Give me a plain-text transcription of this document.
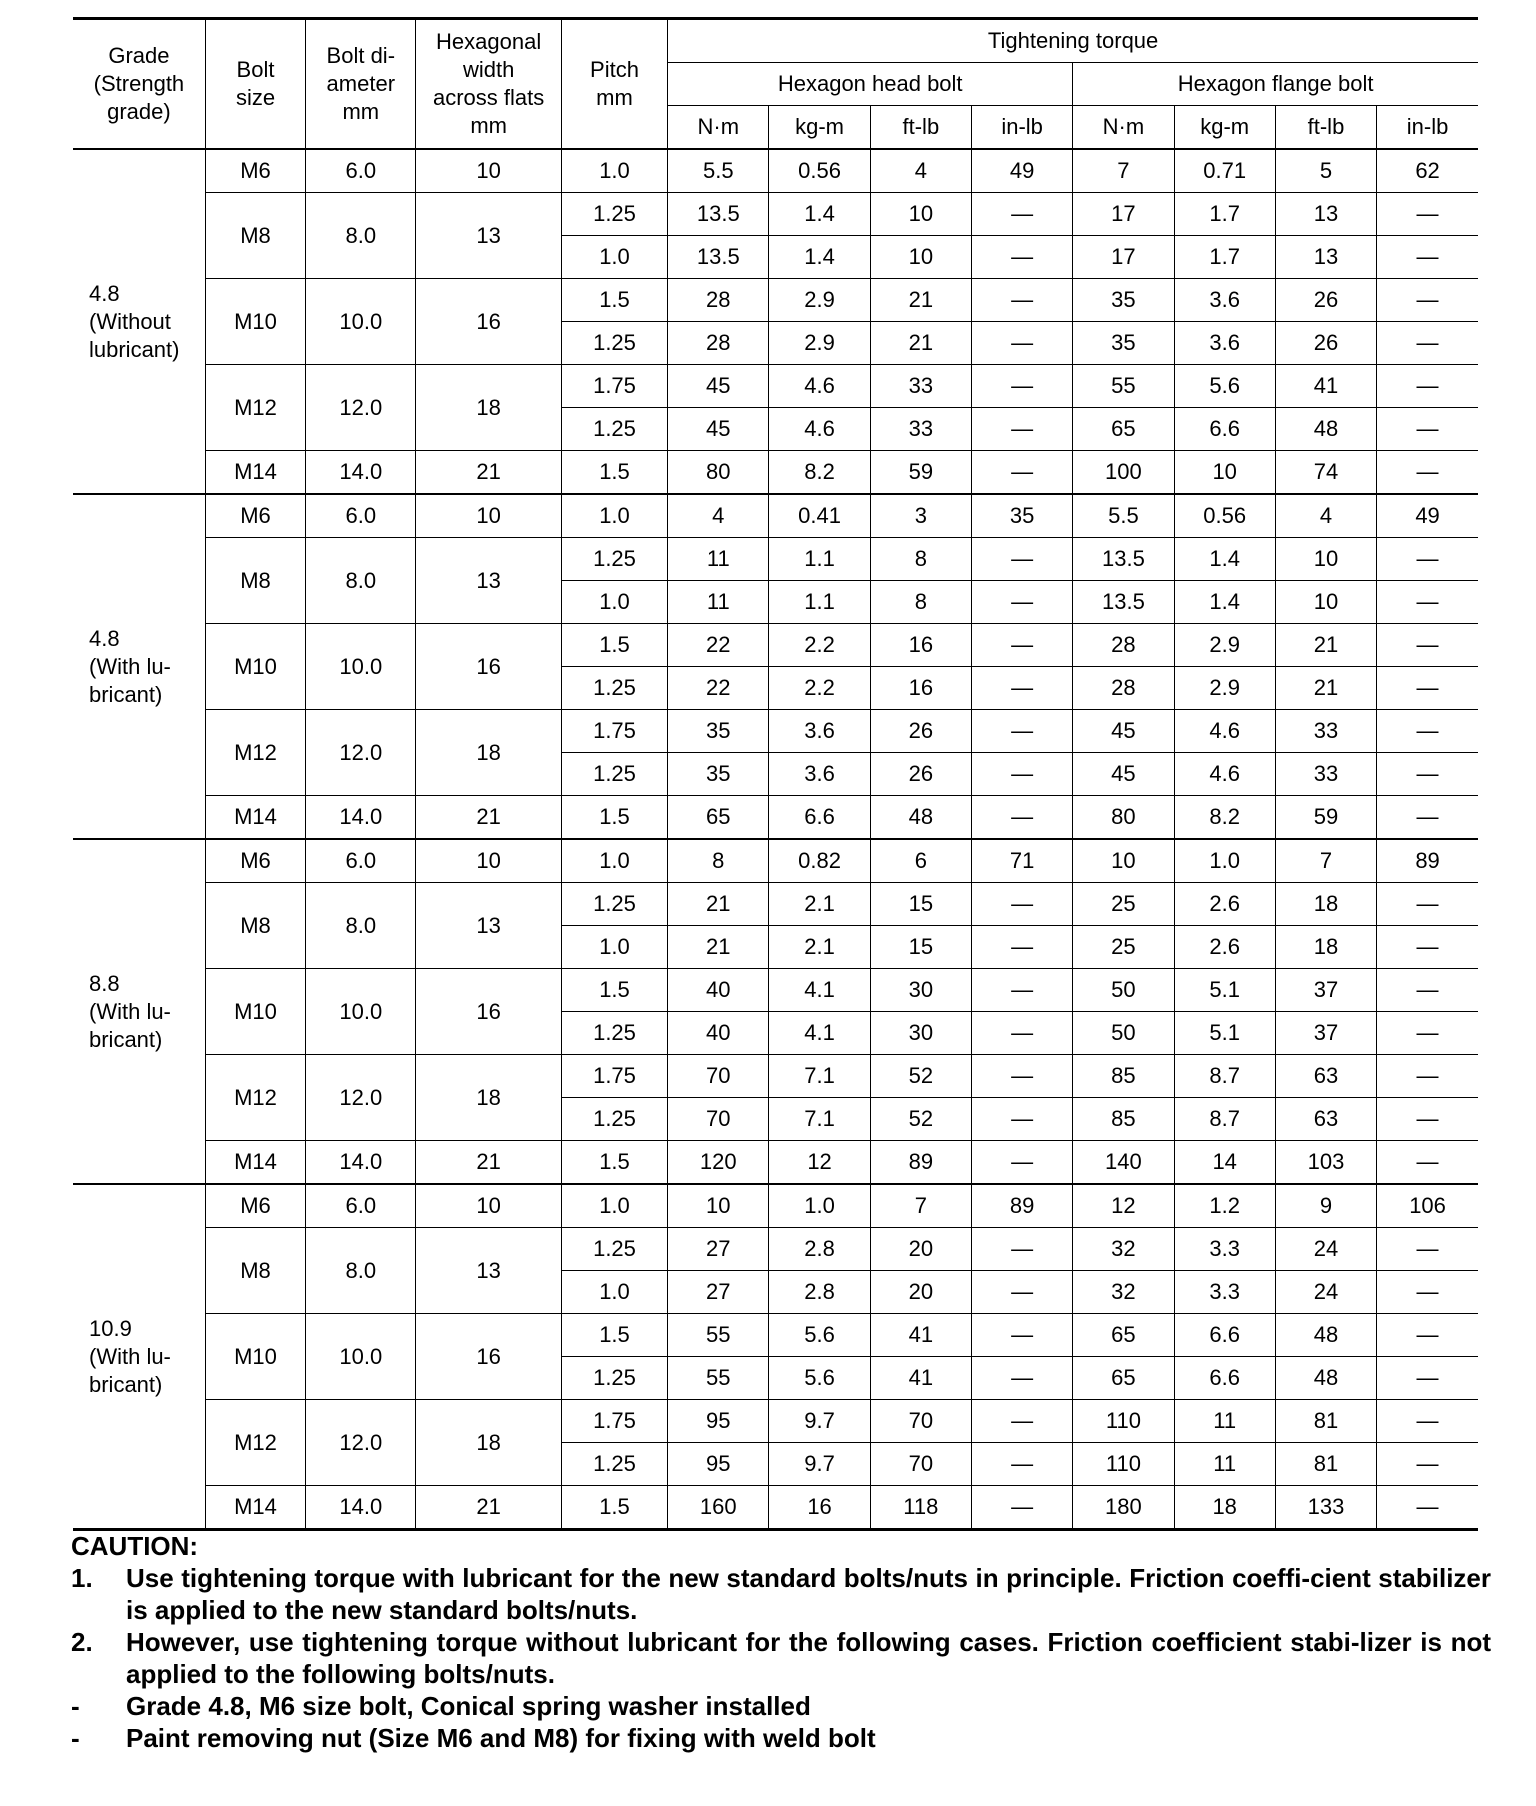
Grade
(Strength
grade)	Bolt
size	Bolt di-
ameter
mm	Hexagonal
width
across flats
mm	Pitch
mm	Tightening torque							
					Hexagon head bolt				Hexagon flange bolt			
					N·m	kg-m	ft-lb	in-lb	N·m	kg-m	ft-lb	in-lb
4.8
(Without
lubricant)	M6	6.0	10	1.0	5.5	0.56	4	49	7	0.71	5	62
	M8	8.0	13	1.25	13.5	1.4	10	—	17	1.7	13	—
				1.0	13.5	1.4	10	—	17	1.7	13	—
	M10	10.0	16	1.5	28	2.9	21	—	35	3.6	26	—
				1.25	28	2.9	21	—	35	3.6	26	—
	M12	12.0	18	1.75	45	4.6	33	—	55	5.6	41	—
				1.25	45	4.6	33	—	65	6.6	48	—
	M14	14.0	21	1.5	80	8.2	59	—	100	10	74	—
4.8
(With lu-
bricant)	M6	6.0	10	1.0	4	0.41	3	35	5.5	0.56	4	49
	M8	8.0	13	1.25	11	1.1	8	—	13.5	1.4	10	—
				1.0	11	1.1	8	—	13.5	1.4	10	—
	M10	10.0	16	1.5	22	2.2	16	—	28	2.9	21	—
				1.25	22	2.2	16	—	28	2.9	21	—
	M12	12.0	18	1.75	35	3.6	26	—	45	4.6	33	—
				1.25	35	3.6	26	—	45	4.6	33	—
	M14	14.0	21	1.5	65	6.6	48	—	80	8.2	59	—
8.8
(With lu-
bricant)	M6	6.0	10	1.0	8	0.82	6	71	10	1.0	7	89
	M8	8.0	13	1.25	21	2.1	15	—	25	2.6	18	—
				1.0	21	2.1	15	—	25	2.6	18	—
	M10	10.0	16	1.5	40	4.1	30	—	50	5.1	37	—
				1.25	40	4.1	30	—	50	5.1	37	—
	M12	12.0	18	1.75	70	7.1	52	—	85	8.7	63	—
				1.25	70	7.1	52	—	85	8.7	63	—
	M14	14.0	21	1.5	120	12	89	—	140	14	103	—
10.9
(With lu-
bricant)	M6	6.0	10	1.0	10	1.0	7	89	12	1.2	9	106
	M8	8.0	13	1.25	27	2.8	20	—	32	3.3	24	—
				1.0	27	2.8	20	—	32	3.3	24	—
	M10	10.0	16	1.5	55	5.6	41	—	65	6.6	48	—
				1.25	55	5.6	41	—	65	6.6	48	—
	M12	12.0	18	1.75	95	9.7	70	—	110	11	81	—
				1.25	95	9.7	70	—	110	11	81	—
	M14	14.0	21	1.5	160	16	118	—	180	18	133	—
CAUTION:
1.	Use tightening torque with lubricant for the new standard bolts/nuts in principle. Friction coeffi-cient stabilizer is applied to the new standard bolts/nuts.
2.	However, use tightening torque without lubricant for the following cases. Friction coefficient stabi-lizer is not applied to the following bolts/nuts.
-	Grade 4.8, M6 size bolt, Conical spring washer installed
-	Paint removing nut (Size M6 and M8) for fixing with weld bolt
